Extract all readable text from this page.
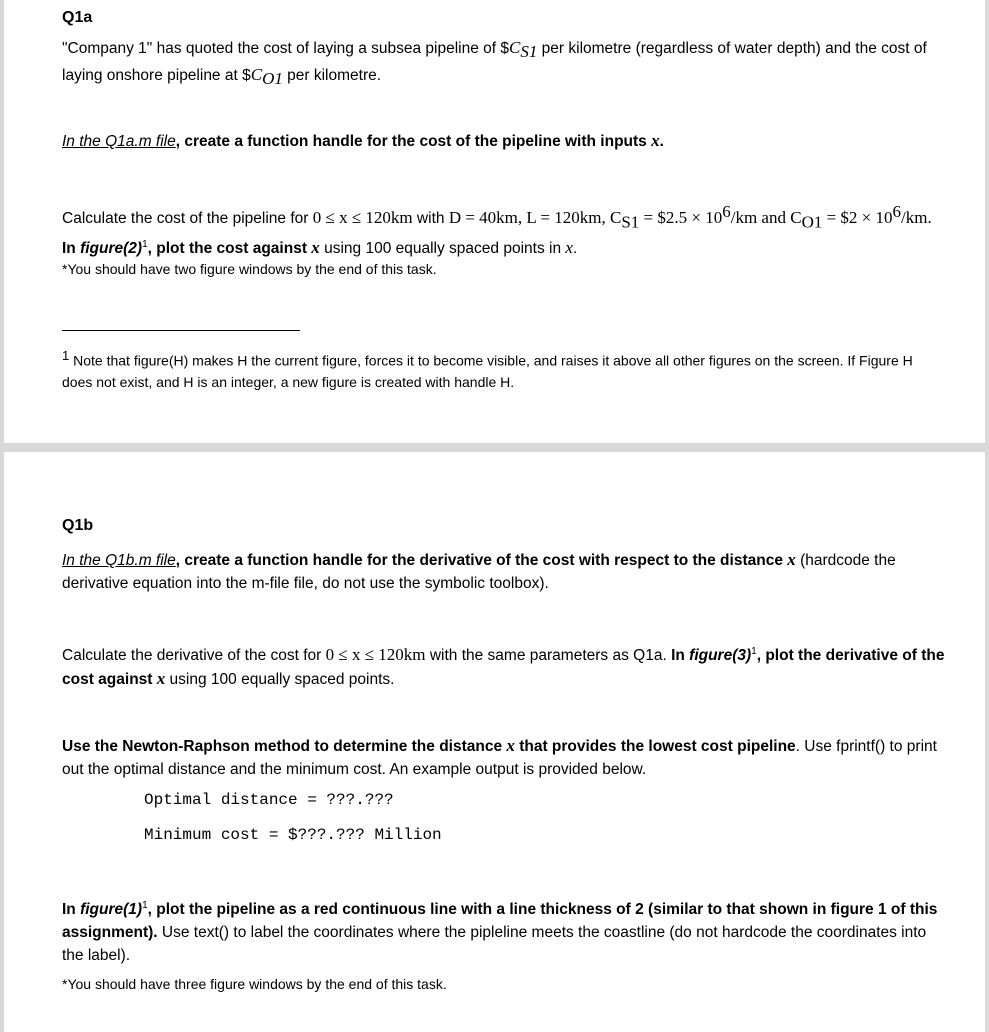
Q1a
"Company 1" has quoted the cost of laying a subsea pipeline of $\$C_{S1}$ per kilometre (regardless of water depth) and the cost of laying onshore pipeline at $\$C_{O1}$ per kilometre.
In the Q1a.m file, create a function handle for the cost of the pipeline with inputs x.
Calculate the cost of the pipeline for 0 ≤ x ≤ 120km with D = 40km, L = 120km, $C_{S1}$ = $2.5 × $10^6/km$ and $C_{O1}$ = $2 × $10^6/km$. In $figure(2)^1$, plot the cost against x using 100 equally spaced points in x.
*You should have two figure windows by the end of this task.
$^1$ Note that figure(H) makes H the current figure, forces it to become visible, and raises it above all other figures on the screen. If Figure H does not exist, and H is an integer, a new figure is created with handle H.
Q1b
In the Q1b.m file, create a function handle for the derivative of the cost with respect to the distance x (hardcode the derivative equation into the m-file file, do not use the symbolic toolbox).
Calculate the derivative of the cost for 0 ≤ x ≤ 120km with the same parameters as Q1a. In $figure(3)^1$, plot the derivative of the cost against x using 100 equally spaced points.
Use the Newton-Raphson method to determine the distance x that provides the lowest cost pipeline. Use fprintf() to print out the optimal distance and the minimum cost. An example output is provided below.
Optimal distance = ???.???
Minimum cost = $???.??? Million
In $figure(1)^1$, plot the pipeline as a red continuous line with a line thickness of 2 (similar to that shown in figure 1 of this assignment). Use text() to label the coordinates where the pipleline meets the coastline (do not hardcode the coordinates into the label).
*You should have three figure windows by the end of this task.
